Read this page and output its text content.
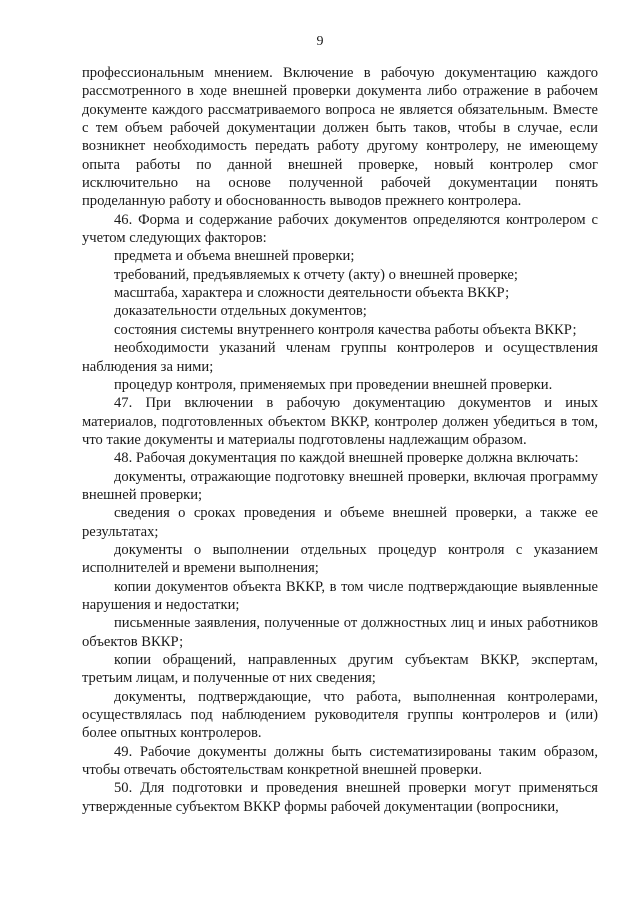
9

профессиональным мнением. Включение в рабочую документацию каждого рассмотренного в ходе внешней проверки документа либо отражение в рабочем документе каждого рассматриваемого вопроса не является обязательным. Вместе с тем объем рабочей документации должен быть таков, чтобы в случае, если возникнет необходимость передать работу другому контролеру, не имеющему опыта работы по данной внешней проверке, новый контролер смог исключительно на основе полученной рабочей документации понять проделанную работу и обоснованность выводов прежнего контролера.

46. Форма и содержание рабочих документов определяются контролером с учетом следующих факторов:

предмета и объема внешней проверки;

требований, предъявляемых к отчету (акту) о внешней проверке;

масштаба, характера и сложности деятельности объекта ВККР;

доказательности отдельных документов;

состояния системы внутреннего контроля качества работы объекта ВККР;

необходимости указаний членам группы контролеров и осуществления наблюдения за ними;

процедур контроля, применяемых при проведении внешней проверки.

47. При включении в рабочую документацию документов и иных материалов, подготовленных объектом ВККР, контролер должен убедиться в том, что такие документы и материалы подготовлены надлежащим образом.

48. Рабочая документация по каждой внешней проверке должна включать:

документы, отражающие подготовку внешней проверки, включая программу внешней проверки;

сведения о сроках проведения и объеме внешней проверки, а также ее результатах;

документы о выполнении отдельных процедур контроля с указанием исполнителей и времени выполнения;

копии документов объекта ВККР, в том числе подтверждающие выявленные нарушения и недостатки;

письменные заявления, полученные от должностных лиц и иных работников объектов ВККР;

копии обращений, направленных другим субъектам ВККР, экспертам, третьим лицам, и полученные от них сведения;

документы, подтверждающие, что работа, выполненная контролерами, осуществлялась под наблюдением руководителя группы контролеров и (или) более опытных контролеров.

49. Рабочие документы должны быть систематизированы таким образом, чтобы отвечать обстоятельствам конкретной внешней проверки.

50. Для подготовки и проведения внешней проверки могут применяться утвержденные субъектом ВККР формы рабочей документации (вопросники,
